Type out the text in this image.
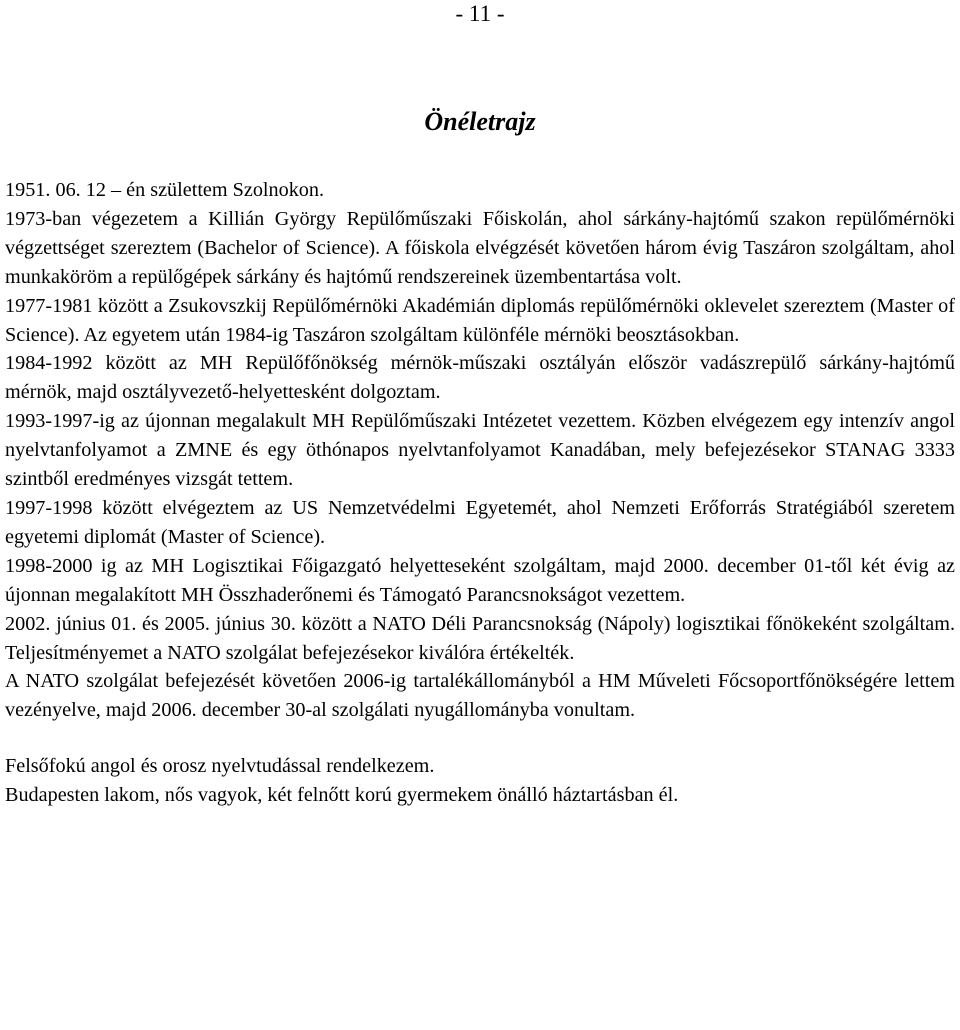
- 11 -
Önéletrajz

1951. 06. 12 – én születtem Szolnokon.

1973-ban végezetem a Killián György Repülőműszaki Főiskolán, ahol sárkány-hajtómű szakon repülőmérnöki végzettséget szereztem (Bachelor of Science). A főiskola elvégzését követően három évig Taszáron szolgáltam, ahol munkaköröm a repülőgépek sárkány és hajtómű rendszereinek üzembentartása volt.

1977-1981 között a Zsukovszkij Repülőmérnöki Akadémián diplomás repülőmérnöki oklevelet szereztem (Master of Science). Az egyetem után 1984-ig Taszáron szolgáltam különféle mérnöki beosztásokban.

1984-1992 között az MH Repülőfőnökség mérnök-műszaki osztályán először vadászrepülő sárkány-hajtómű mérnök, majd osztályvezető-helyettesként dolgoztam.

1993-1997-ig az újonnan megalakult MH Repülőműszaki Intézetet vezettem. Közben elvégezem egy intenzív angol nyelvtanfolyamot a ZMNE és egy öthónapos nyelvtanfolyamot Kanadában, mely befejezésekor STANAG 3333 szintből eredményes vizsgát tettem.

1997-1998 között elvégeztem az US Nemzetvédelmi Egyetemét, ahol Nemzeti Erőforrás Stratégiából szeretem egyetemi diplomát (Master of Science).

1998-2000 ig az MH Logisztikai Főigazgató helyetteseként szolgáltam, majd 2000. december 01-től két évig az újonnan megalakított MH Összhaderőnemi és Támogató Parancsnokságot vezettem.

2002. június 01. és 2005. június 30. között a NATO Déli Parancsnokság (Nápoly) logisztikai főnökeként szolgáltam. Teljesítményemet a NATO szolgálat befejezésekor kiválóra értékelték.

A NATO szolgálat befejezését követően 2006-ig tartalékállományból a HM Műveleti Főcsoportfőnökségére lettem vezényelve, majd 2006. december 30-al szolgálati nyugállományba vonultam.

Felsőfokú angol és orosz nyelvtudással rendelkezem.

Budapesten lakom, nős vagyok, két felnőtt korú gyermekem önálló háztartásban él.
